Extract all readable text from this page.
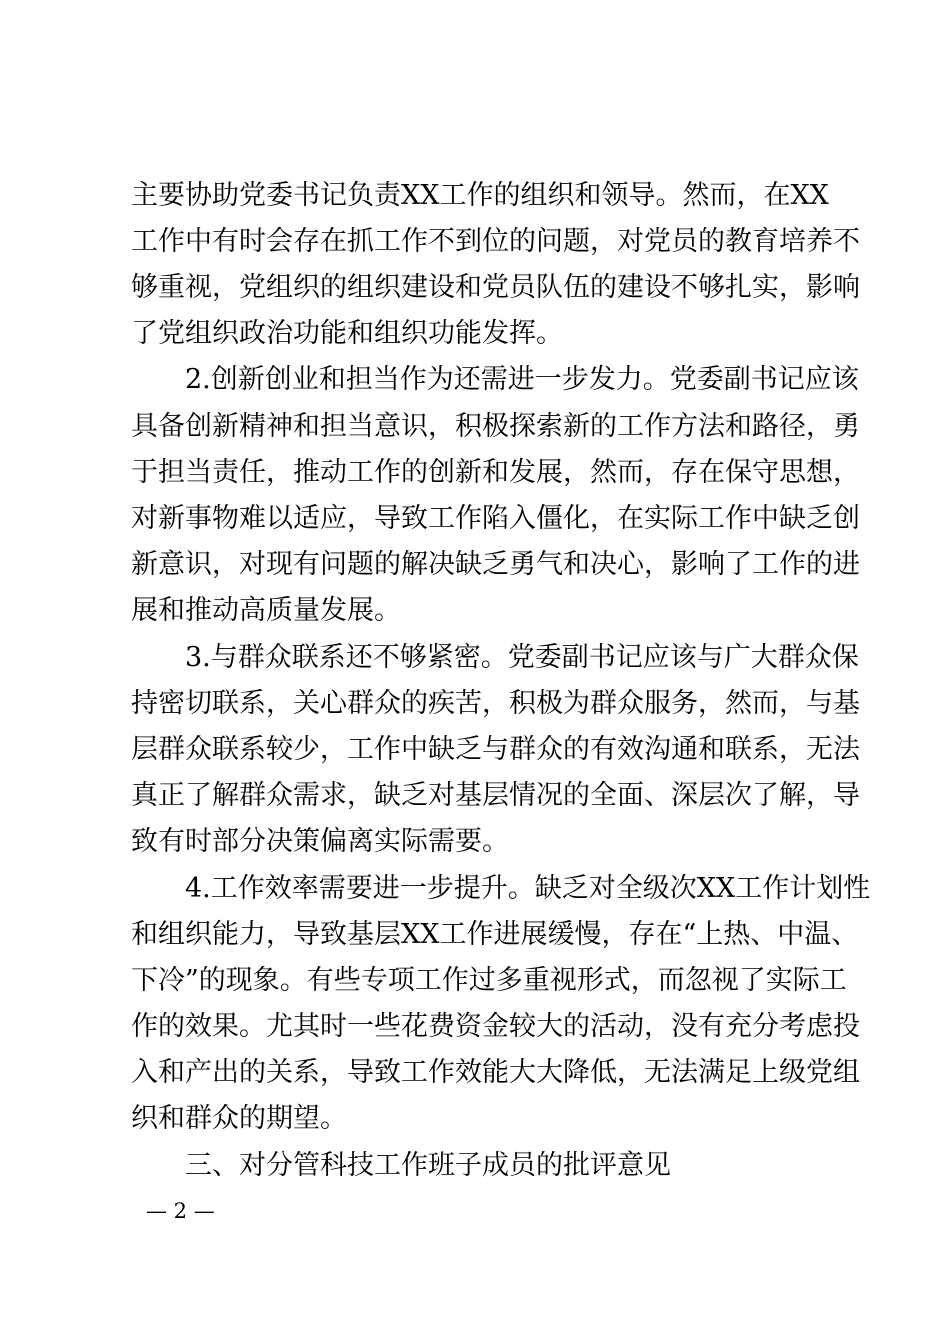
主要协助党委书记负责XX工作的组织和领导。然而，在XX
工作中有时会存在抓工作不到位的问题，对党员的教育培养不
够重视，党组织的组织建设和党员队伍的建设不够扎实，影响
了党组织政治功能和组织功能发挥。
2.创新创业和担当作为还需进一步发力。党委副书记应该
具备创新精神和担当意识，积极探索新的工作方法和路径，勇
于担当责任，推动工作的创新和发展，然而，存在保守思想，
对新事物难以适应，导致工作陷入僵化，在实际工作中缺乏创
新意识，对现有问题的解决缺乏勇气和决心，影响了工作的进
展和推动高质量发展。
3.与群众联系还不够紧密。党委副书记应该与广大群众保
持密切联系，关心群众的疾苦，积极为群众服务，然而，与基
层群众联系较少，工作中缺乏与群众的有效沟通和联系，无法
真正了解群众需求，缺乏对基层情况的全面、深层次了解，导
致有时部分决策偏离实际需要。
4.工作效率需要进一步提升。缺乏对全级次XX工作计划性
和组织能力，导致基层XX工作进展缓慢，存在“上热、中温、
下冷”的现象。有些专项工作过多重视形式，而忽视了实际工
作的效果。尤其时一些花费资金较大的活动，没有充分考虑投
入和产出的关系，导致工作效能大大降低，无法满足上级党组
织和群众的期望。
三、对分管科技工作班子成员的批评意见
— 2 —
